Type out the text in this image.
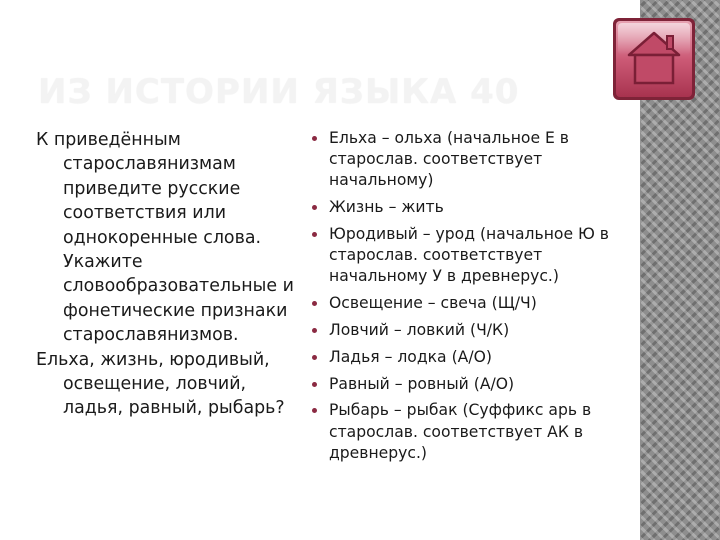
ИЗ ИСТОРИИ ЯЗЫКА 40

К приведённым старославянизмам приведите русские соответствия или однокоренные слова. Укажите словообразовательные и фонетические признаки старославянизмов.

Ельха, жизнь, юродивый, освещение, ловчий, ладья, равный, рыбарь?

Ельха – ольха (начальное Е в старослав. соответствует начальному)
Жизнь – жить
Юродивый – урод (начальное Ю в старослав. соответствует начальному У в древнерус.)
Освещение – свеча (Щ/Ч)
Ловчий – ловкий (Ч/К)
Ладья – лодка (А/О)
Равный – ровный (А/О)
Рыбарь – рыбак (Суффикс арь в старослав. соответствует АК в древнерус.)
